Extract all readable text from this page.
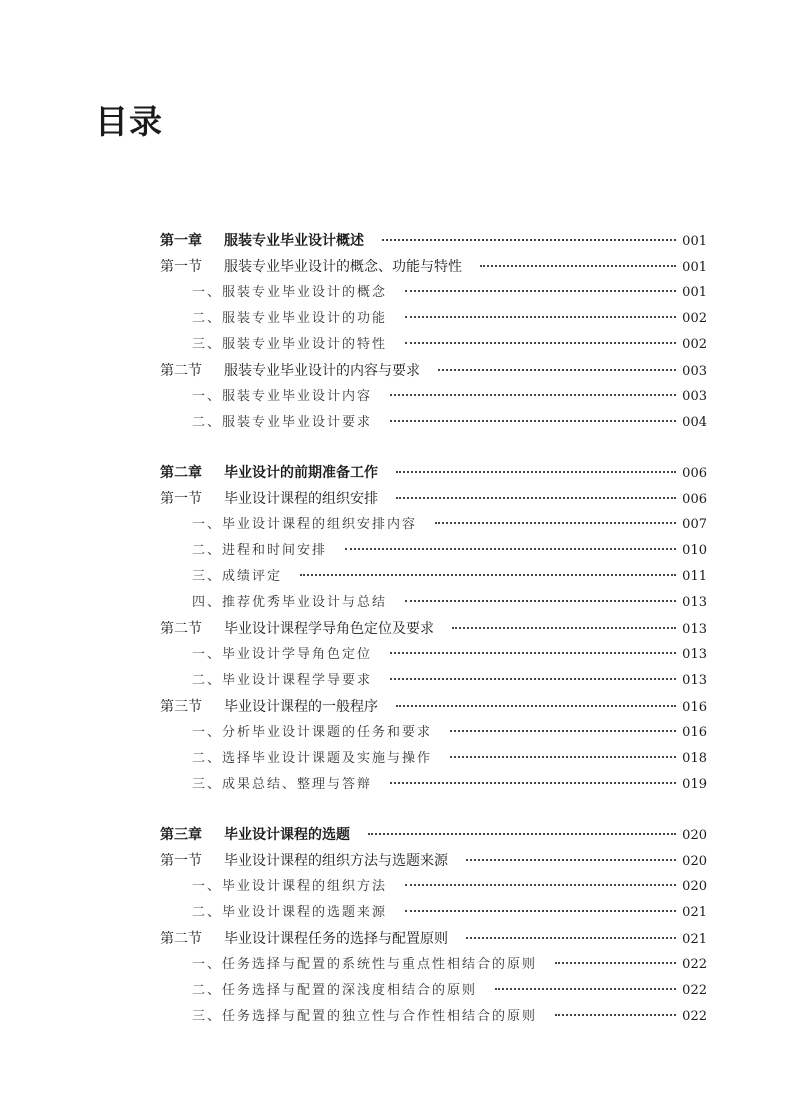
目录
第一章	服装专业毕业设计概述	001
第一节	服装专业毕业设计的概念、功能与特性	001
一、 服装专业毕业设计的概念	001
二、 服装专业毕业设计的功能	002
三、 服装专业毕业设计的特性	002
第二节	服装专业毕业设计的内容与要求	003
一、 服装专业毕业设计内容	003
二、 服装专业毕业设计要求	004
第二章	毕业设计的前期准备工作	006
第一节	毕业设计课程的组织安排	006
一、 毕业设计课程的组织安排内容	007
二、 进程和时间安排	010
三、 成绩评定	011
四、 推荐优秀毕业设计与总结	013
第二节	毕业设计课程学导角色定位及要求	013
一、 毕业设计学导角色定位	013
二、 毕业设计课程学导要求	013
第三节	毕业设计课程的一般程序	016
一、 分析毕业设计课题的任务和要求	016
二、 选择毕业设计课题及实施与操作	018
三、 成果总结、整理与答辩	019
第三章	毕业设计课程的选题	020
第一节	毕业设计课程的组织方法与选题来源	020
一、 毕业设计课程的组织方法	020
二、 毕业设计课程的选题来源	021
第二节	毕业设计课程任务的选择与配置原则	021
一、 任务选择与配置的系统性与重点性相结合的原则	022
二、 任务选择与配置的深浅度相结合的原则	022
三、 任务选择与配置的独立性与合作性相结合的原则	022
